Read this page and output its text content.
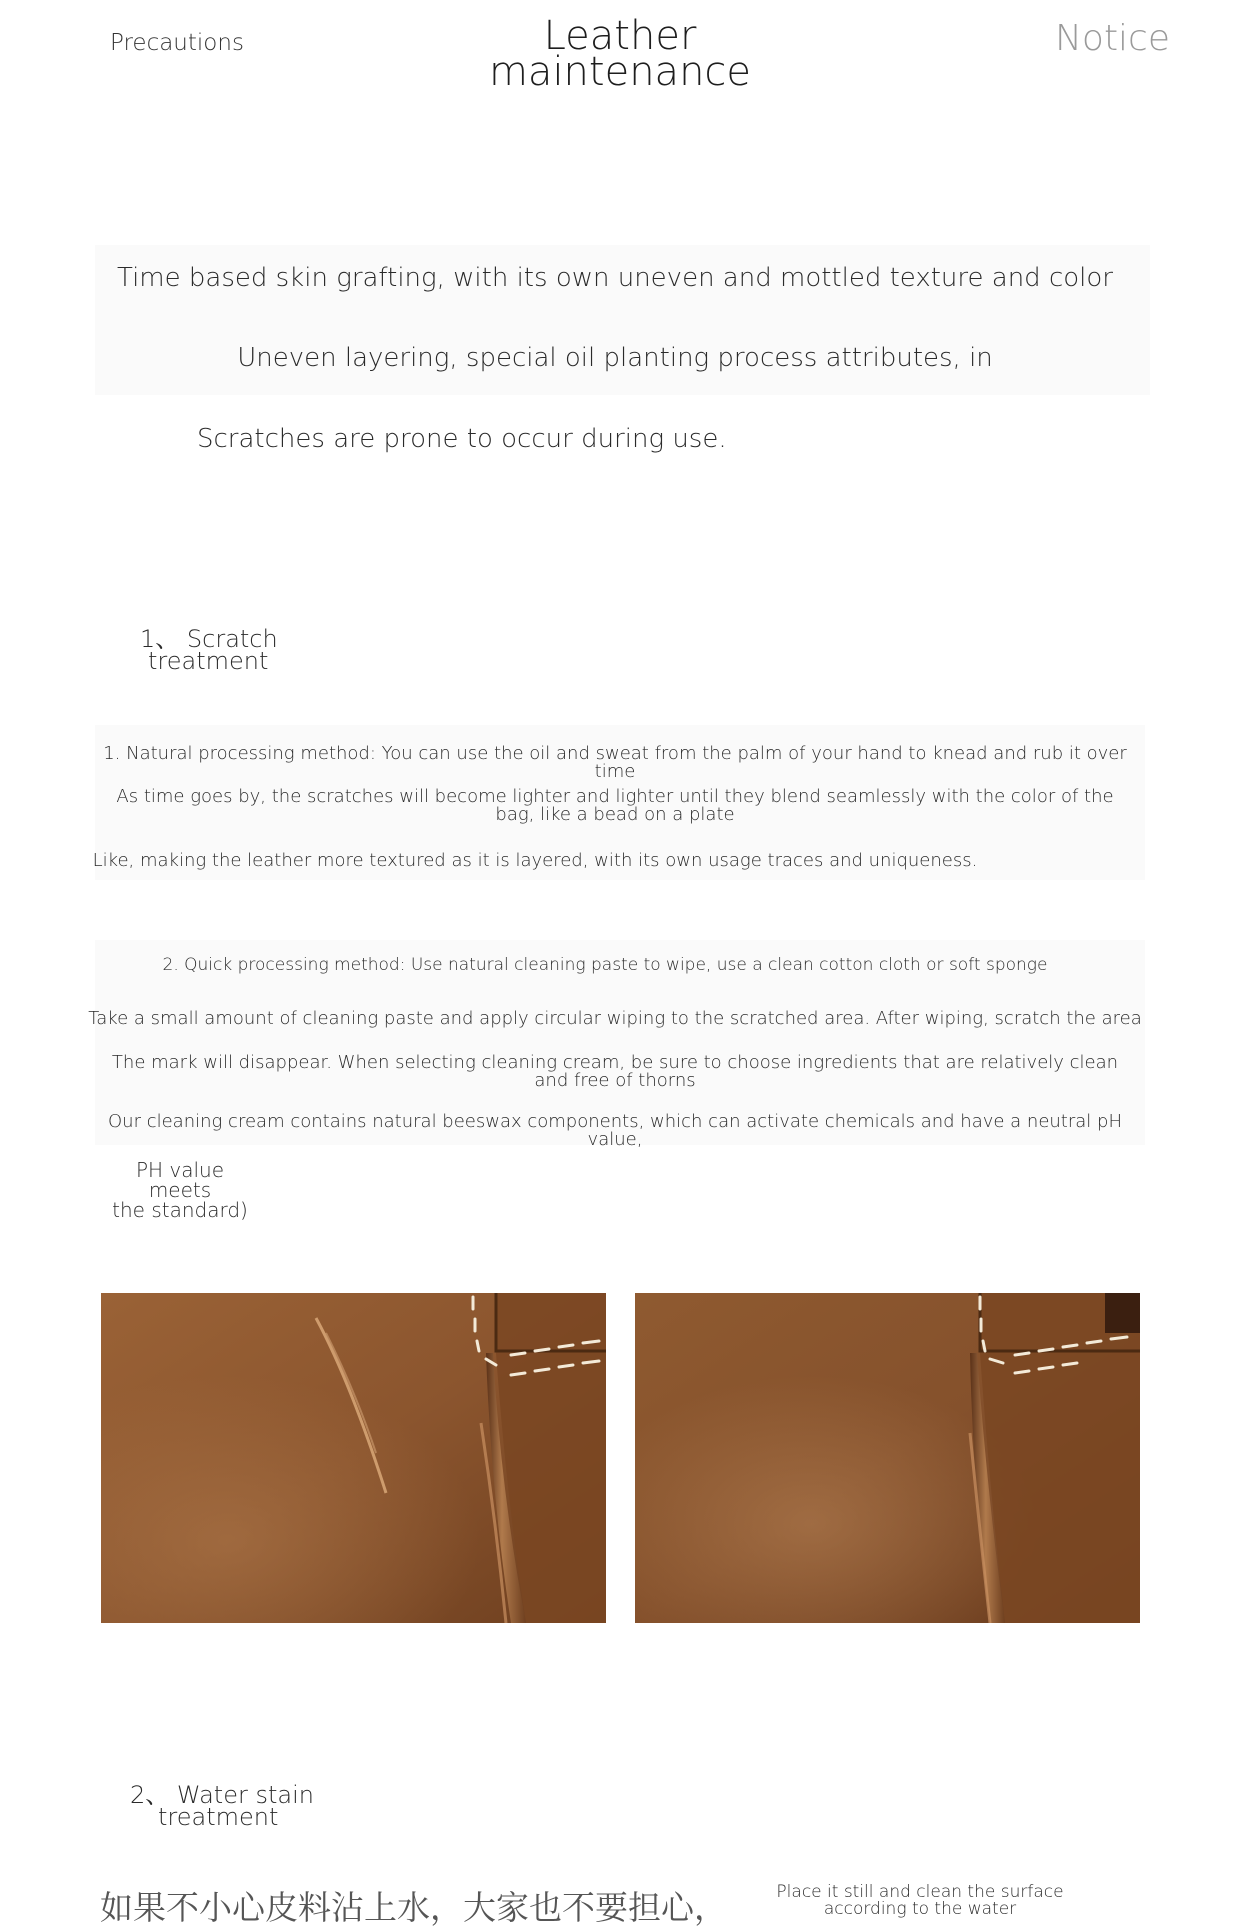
Precautions	Leather maintenance
Notice
Time based skin grafting, with its own uneven and mottled texture and color
Uneven layering, special oil planting process attributes, in
Scratches are prone to occur during use.
1、 Scratch
treatment
1. Natural processing method: You can use the oil and sweat from the palm of your hand to knead and rub it over time
As time goes by, the scratches will become lighter and lighter until they blend seamlessly with the color of the bag, like a bead on a plate
Like, making the leather more textured as it is layered, with its own usage traces and uniqueness.
2. Quick processing method: Use natural cleaning paste to wipe, use a clean cotton cloth or soft sponge
Take a small amount of cleaning paste and apply circular wiping to the scratched area. After wiping, scratch the area
The mark will disappear. When selecting cleaning cream, be sure to choose ingredients that are relatively clean and free of thorns
Our cleaning cream contains natural beeswax components, which can activate chemicals and have a neutral pH value,
PH value meets
the standard)
2、 Water stain
treatment
如果不小心皮料沾上水，大家也不要担心，	Place it still and clean the surface according to the water
